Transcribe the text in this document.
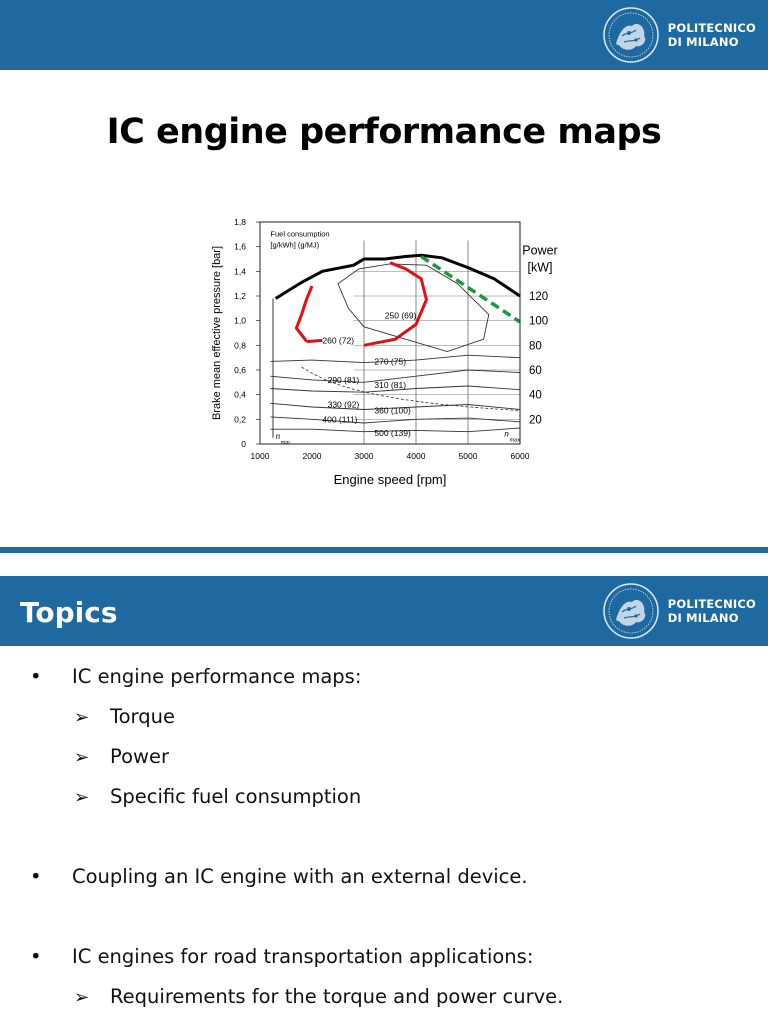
POLITECNICO
DI MILANO
IC engine performance maps
1000	2000	3000	4000	5000	6000
0
0,2
0,4
0,6
0,8
1,0
1,2
1,4
1,6
1,8
20
40
60
80
100
120
Power
[kW]
Engine speed [rpm]
Brake mean effective pressure [bar]
Fuel consumption
[g/kWh] (g/MJ)
n
min
n
max
250 (69)
260 (72)
270 (75)
290 (81) 310 (81)
330 (92)
360 (100)
400 (111)
500 (139)
POLITECNICO
DI MILANO
Topics
• IC engine performance maps:
➢ Torque
➢ Power
➢ Specific fuel consumption
• Coupling an IC engine with an external device.
• IC engines for road transportation applications:
➢ Requirements for the torque and power curve.
